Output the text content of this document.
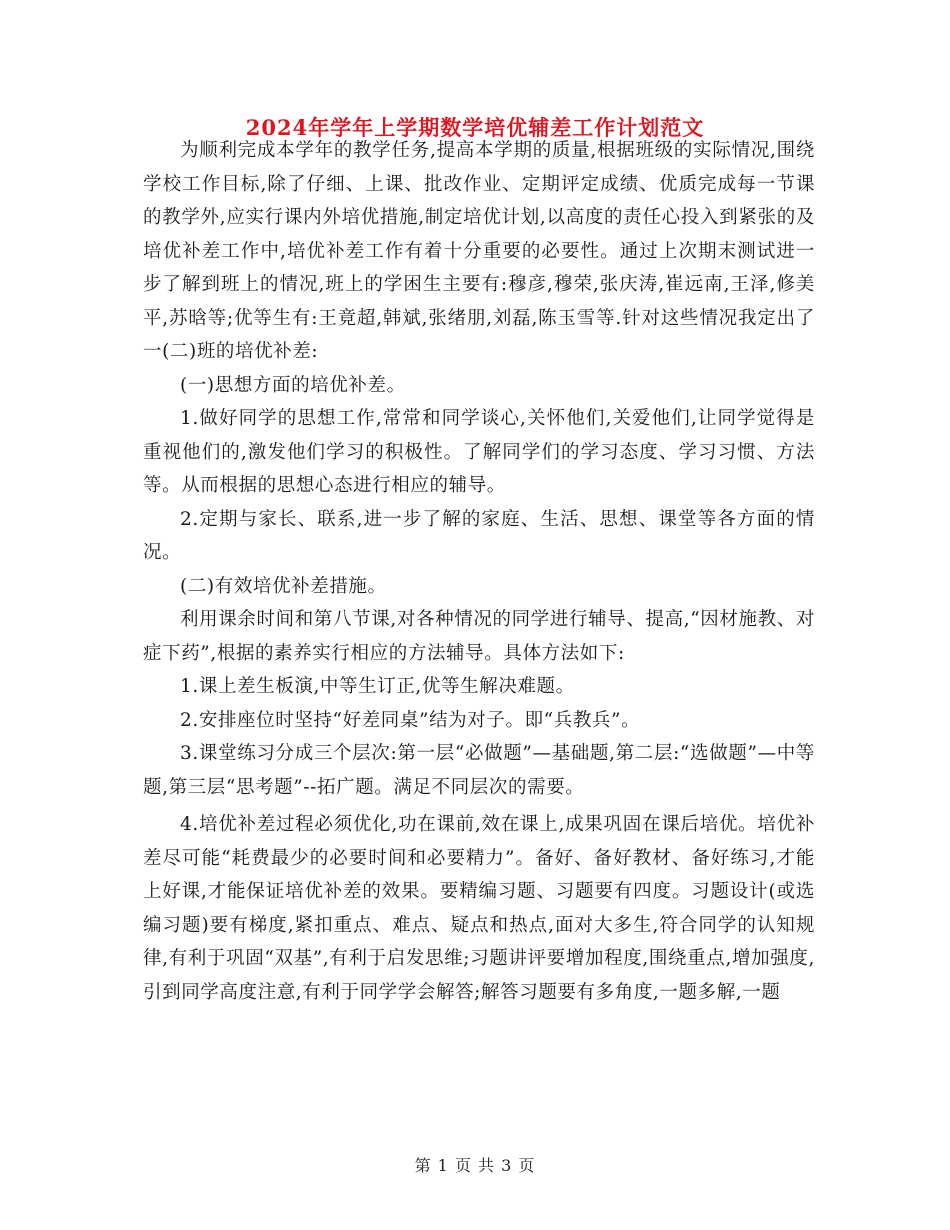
2024年学年上学期数学培优辅差工作计划范文

为顺利完成本学年的教学任务,提高本学期的质量,根据班级的实际情况,围绕学校工作目标,除了仔细、上课、批改作业、定期评定成绩、优质完成每一节课的教学外,应实行课内外培优措施,制定培优计划,以高度的责任心投入到紧张的及培优补差工作中,培优补差工作有着十分重要的必要性。通过上次期末测试进一步了解到班上的情况,班上的学困生主要有:穆彦,穆荣,张庆涛,崔远南,王泽,修美平,苏晗等;优等生有:王竟超,韩斌,张绪朋,刘磊,陈玉雪等.针对这些情况我定出了一(二)班的培优补差:

(一)思想方面的培优补差。

1.做好同学的思想工作,常常和同学谈心,关怀他们,关爱他们,让同学觉得是重视他们的,激发他们学习的积极性。了解同学们的学习态度、学习习惯、方法等。从而根据的思想心态进行相应的辅导。

2.定期与家长、联系,进一步了解的家庭、生活、思想、课堂等各方面的情况。

(二)有效培优补差措施。

利用课余时间和第八节课,对各种情况的同学进行辅导、提高,“因材施教、对症下药”,根据的素养实行相应的方法辅导。具体方法如下:

1.课上差生板演,中等生订正,优等生解决难题。

2.安排座位时坚持“好差同桌”结为对子。即“兵教兵”。

3.课堂练习分成三个层次:第一层“必做题”—基础题,第二层:“选做题”—中等题,第三层“思考题”--拓广题。满足不同层次的需要。

4.培优补差过程必须优化,功在课前,效在课上,成果巩固在课后培优。培优补差尽可能“耗费最少的必要时间和必要精力”。备好、备好教材、备好练习,才能上好课,才能保证培优补差的效果。要精编习题、习题要有四度。习题设计(或选编习题)要有梯度,紧扣重点、难点、疑点和热点,面对大多生,符合同学的认知规律,有利于巩固“双基”,有利于启发思维;习题讲评要增加程度,围绕重点,增加强度,引到同学高度注意,有利于同学学会解答;解答习题要有多角度,一题多解,一题

第 1 页 共 3 页
